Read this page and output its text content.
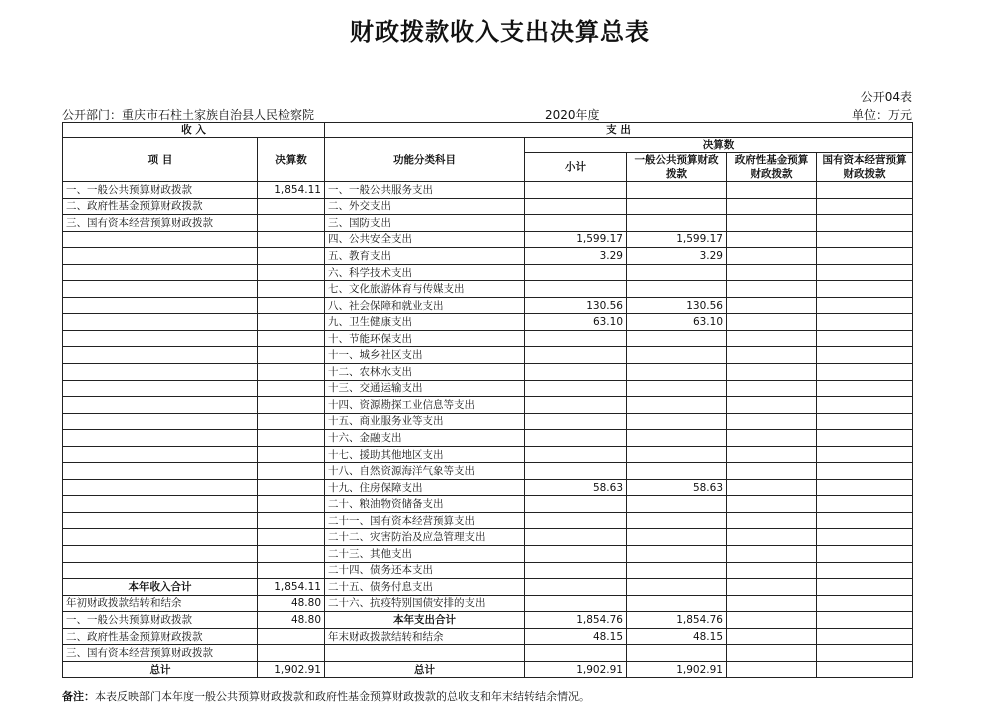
财政拨款收入支出决算总表
公开04表
公开部门：重庆市石柱土家族自治县人民检察院	2020年度	单位：万元
收 入		支 出				
项 目	决算数	功能分类科目	决算数			
			小计	一般公共预算财政拨款	政府性基金预算财政拨款	国有资本经营预算财政拨款

一、一般公共预算财政拨款	1,854.11	一、一般公共服务支出				
二、政府性基金预算财政拨款		二、外交支出				
三、国有资本经营预算财政拨款		三、国防支出				
		四、公共安全支出	1,599.17	1,599.17		
		五、教育支出	3.29	3.29		
		六、科学技术支出				
		七、文化旅游体育与传媒支出				
		八、社会保障和就业支出	130.56	130.56		
		九、卫生健康支出	63.10	63.10		
		十、节能环保支出				
		十一、城乡社区支出				
		十二、农林水支出				
		十三、交通运输支出				
		十四、资源勘探工业信息等支出				
		十五、商业服务业等支出				
		十六、金融支出				
		十七、援助其他地区支出				
		十八、自然资源海洋气象等支出				
		十九、住房保障支出	58.63	58.63		
		二十、粮油物资储备支出				
		二十一、国有资本经营预算支出				
		二十二、灾害防治及应急管理支出				
		二十三、其他支出				
		二十四、债务还本支出				
本年收入合计	1,854.11	二十五、债务付息支出				
年初财政拨款结转和结余	48.80	二十六、抗疫特别国债安排的支出				
一、一般公共预算财政拨款	48.80	本年支出合计	1,854.76	1,854.76		
二、政府性基金预算财政拨款		年末财政拨款结转和结余	48.15	48.15		
三、国有资本经营预算财政拨款						
总计	1,902.91	总计	1,902.91	1,902.91		
备注：本表反映部门本年度一般公共预算财政拨款和政府性基金预算财政拨款的总收支和年末结转结余情况。
